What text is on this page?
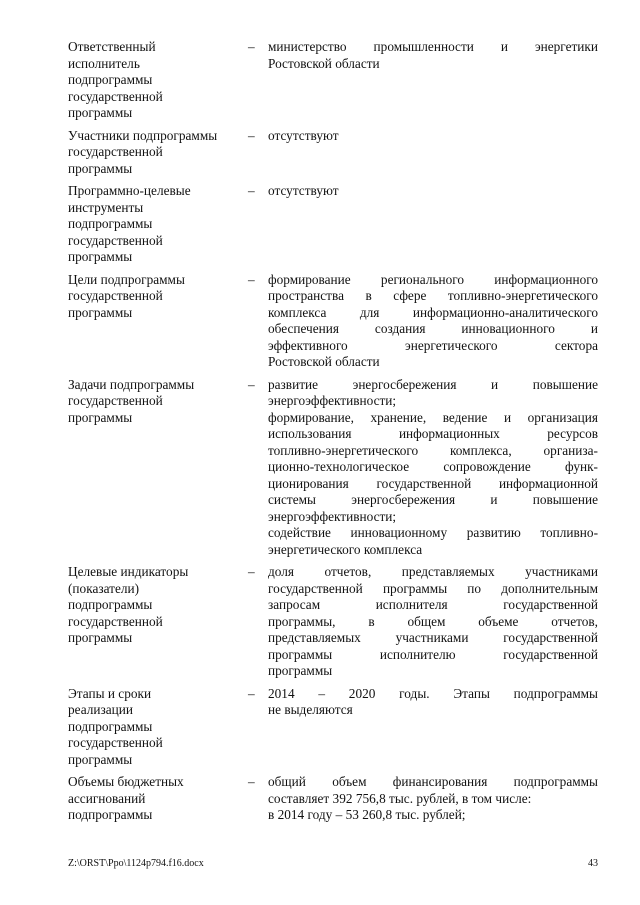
Ответственный
исполнитель
подпрограммы
государственной
программы
–	министерство промышленности и энергетики
Ростовской области
Участники подпрограммы
государственной
программы
–	отсутствуют
Программно-целевые
инструменты
подпрограммы
государственной
программы
–	отсутствуют
Цели подпрограммы
государственной
программы
–	формирование регионального информационного
пространства в сфере топливно-энергетического
комплекса для информационно-аналитического
обеспечения создания инновационного и
эффективного энергетического сектора
Ростовской области
Задачи подпрограммы
государственной
программы
–	развитие энергосбережения и повышение
энергоэффективности;
формирование, хранение, ведение и организация
использования информационных ресурсов
топливно-энергетического комплекса, организа-
ционно-технологическое сопровождение функ-
ционирования государственной информационной
системы энергосбережения и повышение
энергоэффективности;
содействие инновационному развитию топливно-
энергетического комплекса
Целевые индикаторы
(показатели)
подпрограммы
государственной
программы
–	доля отчетов, представляемых участниками
государственной программы по дополнительным
запросам исполнителя государственной
программы, в общем объеме отчетов,
представляемых участниками государственной
программы исполнителю государственной
программы
Этапы и сроки
реализации
подпрограммы
государственной
программы
–	2014 – 2020 годы. Этапы подпрограммы
не выделяются
Объемы бюджетных
ассигнований
подпрограммы
–	общий объем финансирования подпрограммы
составляет 392 756,8 тыс. рублей, в том числе:
в 2014 году – 53 260,8 тыс. рублей;
Z:\ORST\Ppo\1124p794.f16.docx	43
